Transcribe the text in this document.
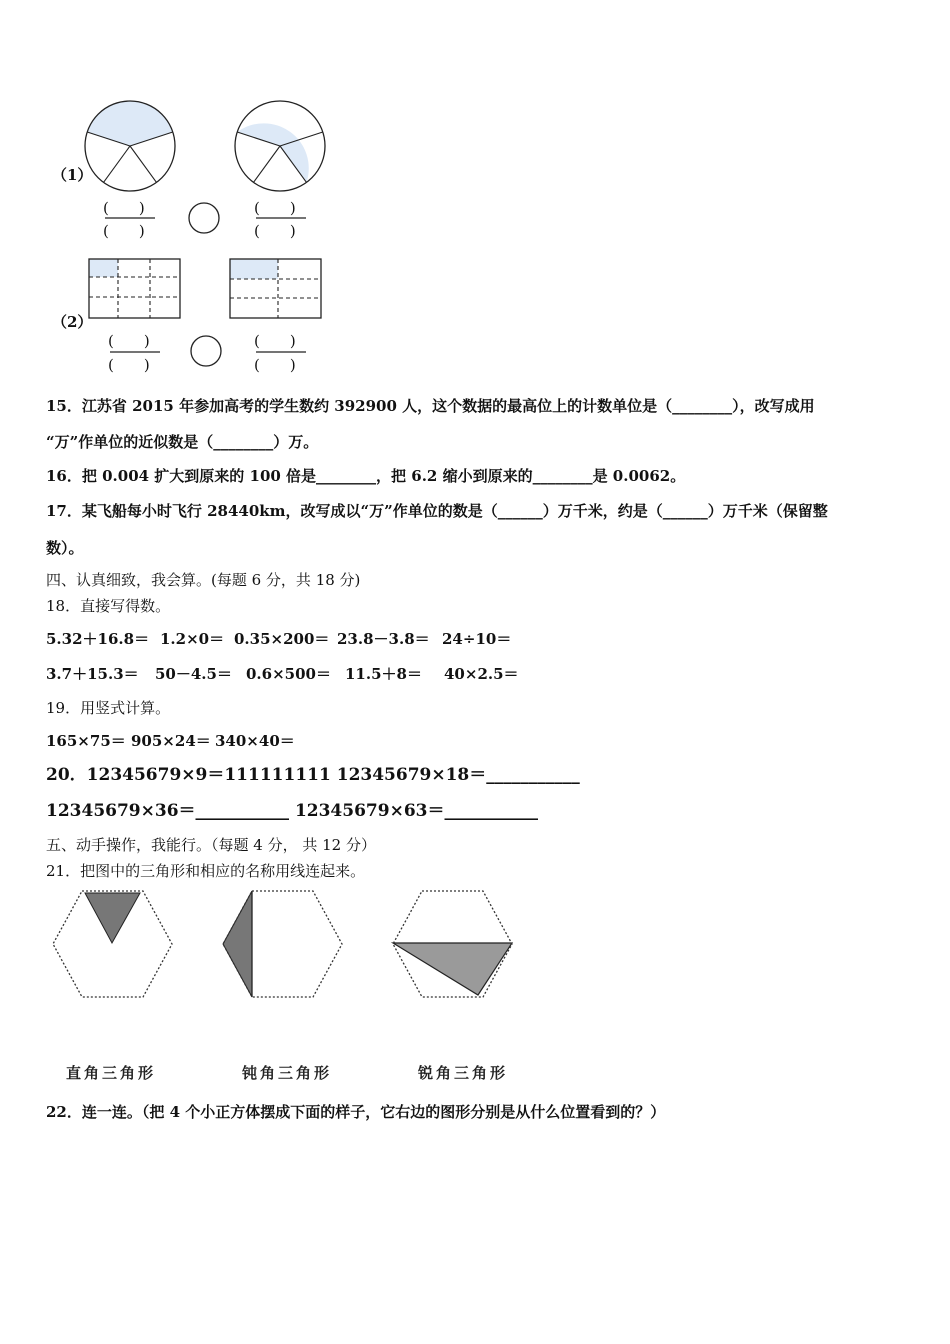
（1）
(　　)
(　　)
(　　)
(　　)
（2）
(　　)
(　　)
(　　)
(　　)
15．江苏省 2015 年参加高考的学生数约 392900 人，这个数据的最高位上的计数单位是（________），改写成用
“万”作单位的近似数是（________）万。
16．把 0.004 扩大到原来的 100 倍是________，把 6.2 缩小到原来的________是 0.0062。
17．某飞船每小时飞行 28440km，改写成以“万”作单位的数是（______）万千米，约是（______）万千米（保留整
数）。
四、认真细致，我会算。(每题 6 分，共 18 分)
18．直接写得数。
5.32＋16.8＝ 1.2×0＝ 0.35×200＝ 23.8－3.8＝ 24÷10＝
3.7＋15.3＝ 50－4.5＝ 0.6×500＝ 11.5＋8＝ 40×2.5＝
19．用竖式计算。
165×75＝ 905×24＝ 340×40＝
20．12345679×9＝111111111 12345679×18＝___________
12345679×36＝___________ 12345679×63＝___________
五、动手操作，我能行。（每题 4 分， 共 12 分）
21．把图中的三角形和相应的名称用线连起来。
直角三角形	钝角三角形	锐角三角形
22．连一连。（把 4 个小正方体摆成下面的样子，它右边的图形分别是从什么位置看到的？）
